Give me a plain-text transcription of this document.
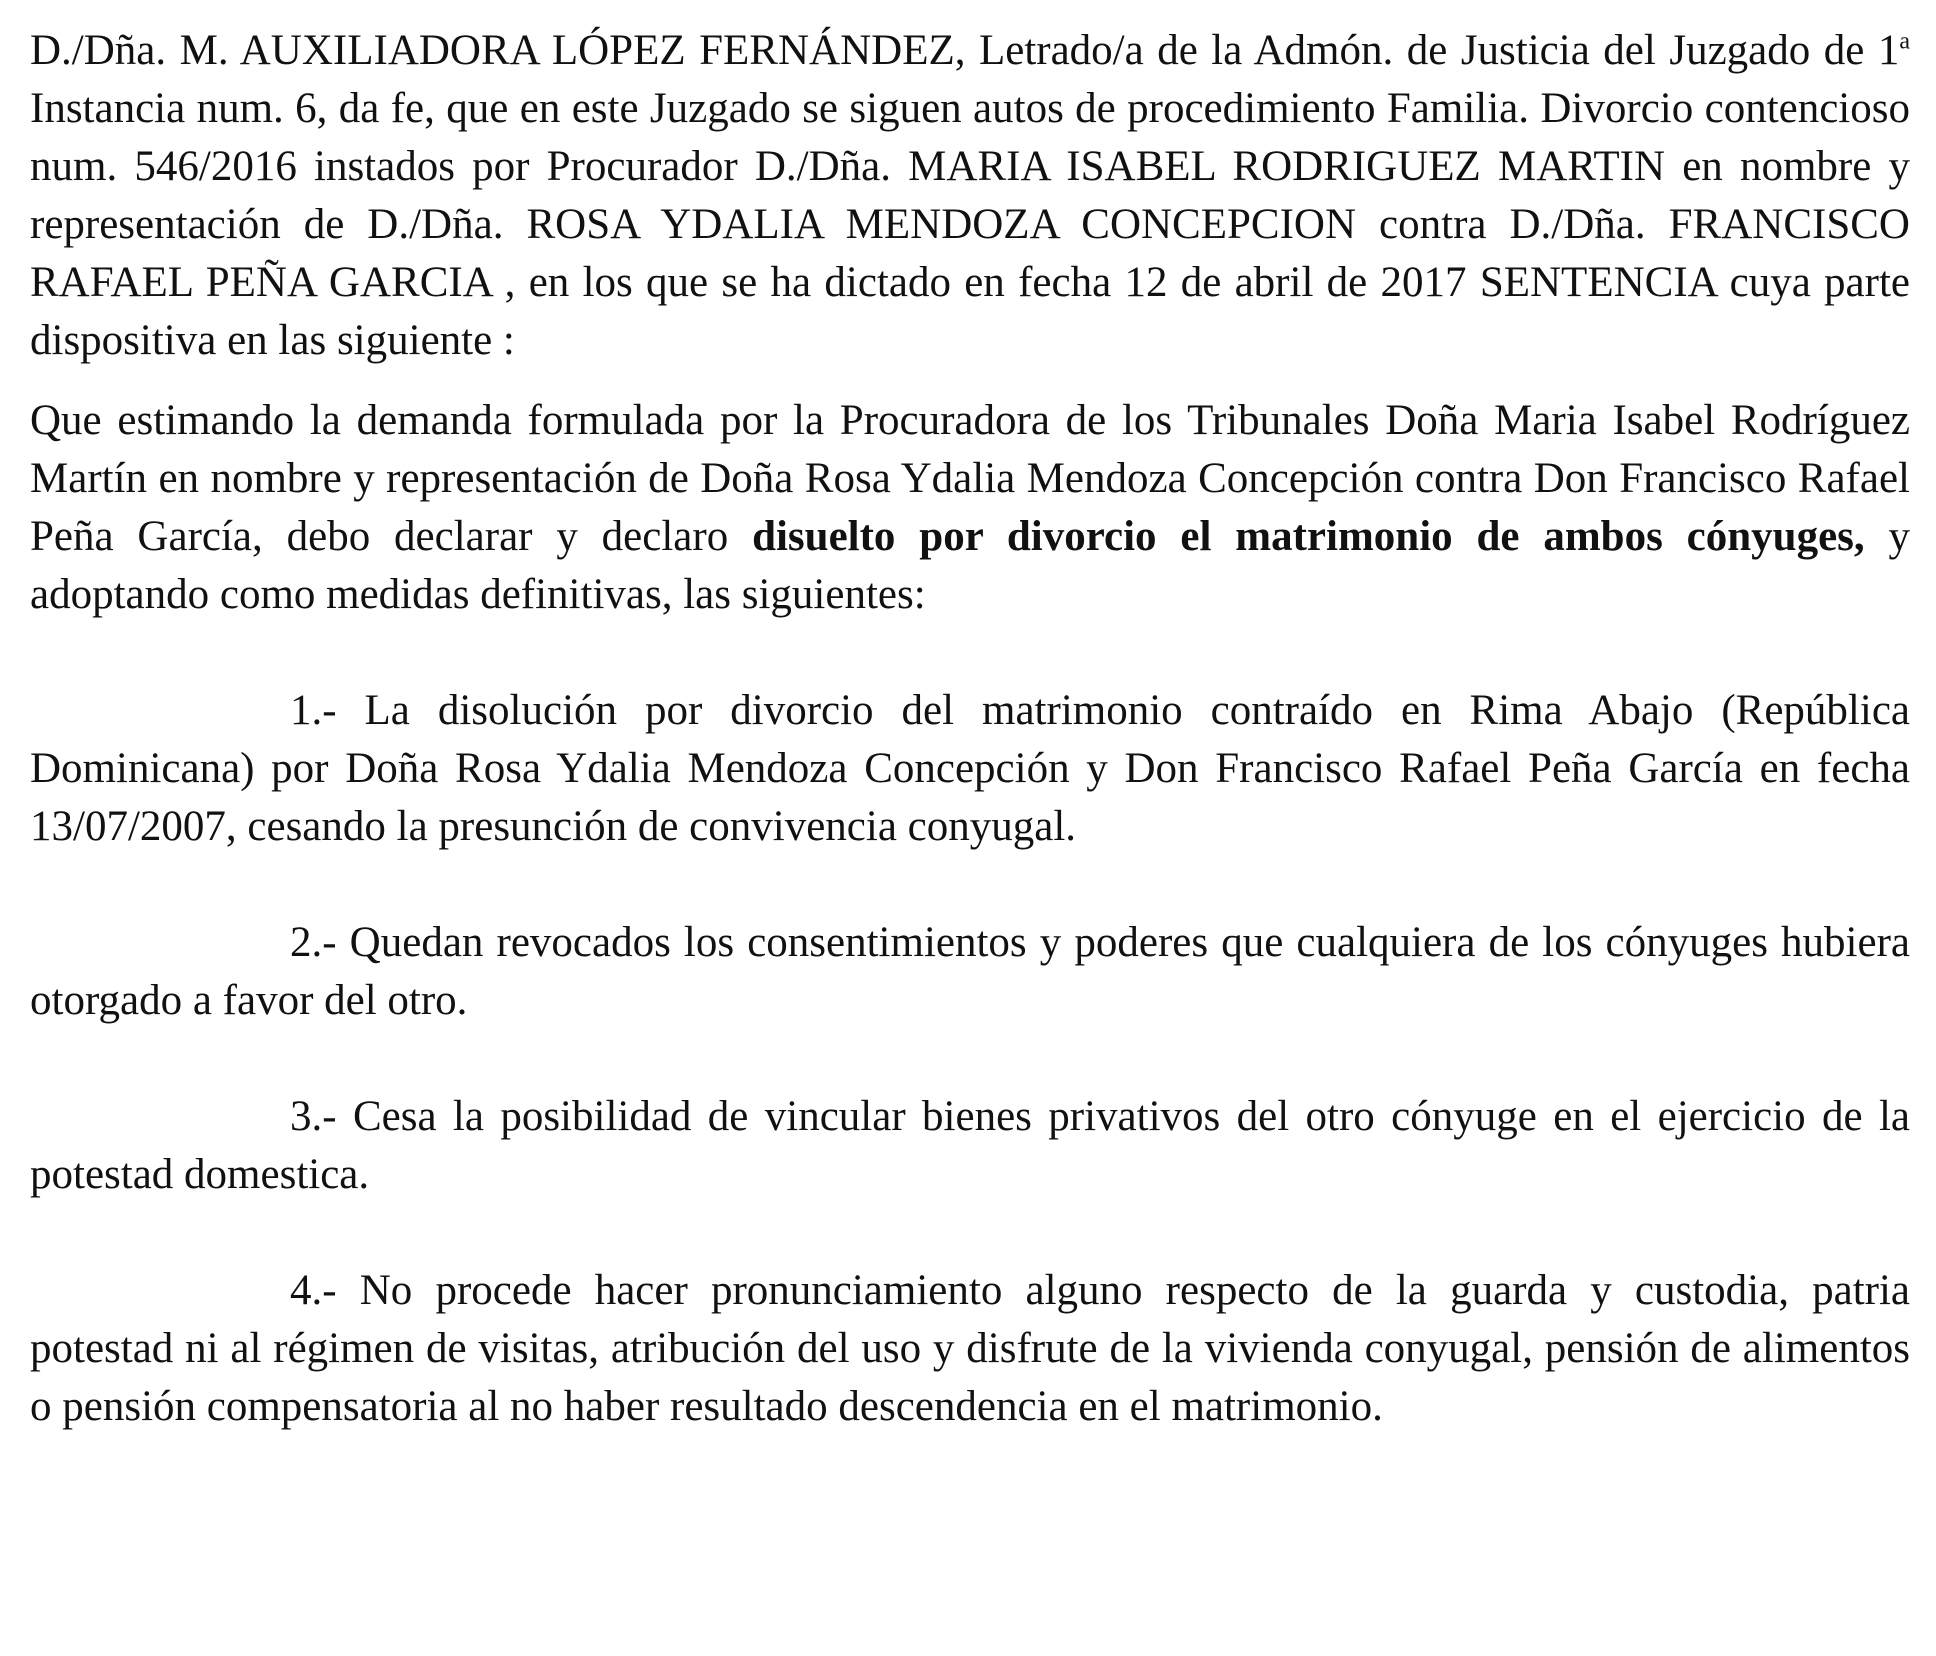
D./Dña. M. AUXILIADORA LÓPEZ FERNÁNDEZ, Letrado/a de la Admón. de Justicia del Juzgado de 1$^a$ Instancia num. 6, da fe, que en este Juzgado se siguen autos de procedimiento Familia. Divorcio contencioso num. 546/2016 instados por Procurador D./Dña. MARIA ISABEL RODRIGUEZ MARTIN en nombre y representación de D./Dña. ROSA YDALIA MENDOZA CONCEPCION contra D./Dña. FRANCISCO RAFAEL PEÑA GARCIA , en los que se ha dictado en fecha 12 de abril de 2017 SENTENCIA cuya parte dispositiva en las siguiente :

Que estimando la demanda formulada por la Procuradora de los Tribunales Doña Maria Isabel Rodríguez Martín en nombre y representación de Doña Rosa Ydalia Mendoza Concepción contra Don Francisco Rafael Peña García, debo declarar y declaro disuelto por divorcio el matrimonio de ambos cónyuges, y adoptando como medidas definitivas, las siguientes:

1.- La disolución por divorcio del matrimonio contraído en Rima Abajo (República Dominicana) por Doña Rosa Ydalia Mendoza Concepción y Don Francisco Rafael Peña García en fecha 13/07/2007, cesando la presunción de convivencia conyugal.

2.- Quedan revocados los consentimientos y poderes que cualquiera de los cónyuges hubiera otorgado a favor del otro.

3.- Cesa la posibilidad de vincular bienes privativos del otro cónyuge en el ejercicio de la potestad domestica.

4.- No procede hacer pronunciamiento alguno respecto de la guarda y custodia, patria potestad ni al régimen de visitas, atribución del uso y disfrute de la vivienda conyugal, pensión de alimentos o pensión compensatoria al no haber resultado descendencia en el matrimonio.
